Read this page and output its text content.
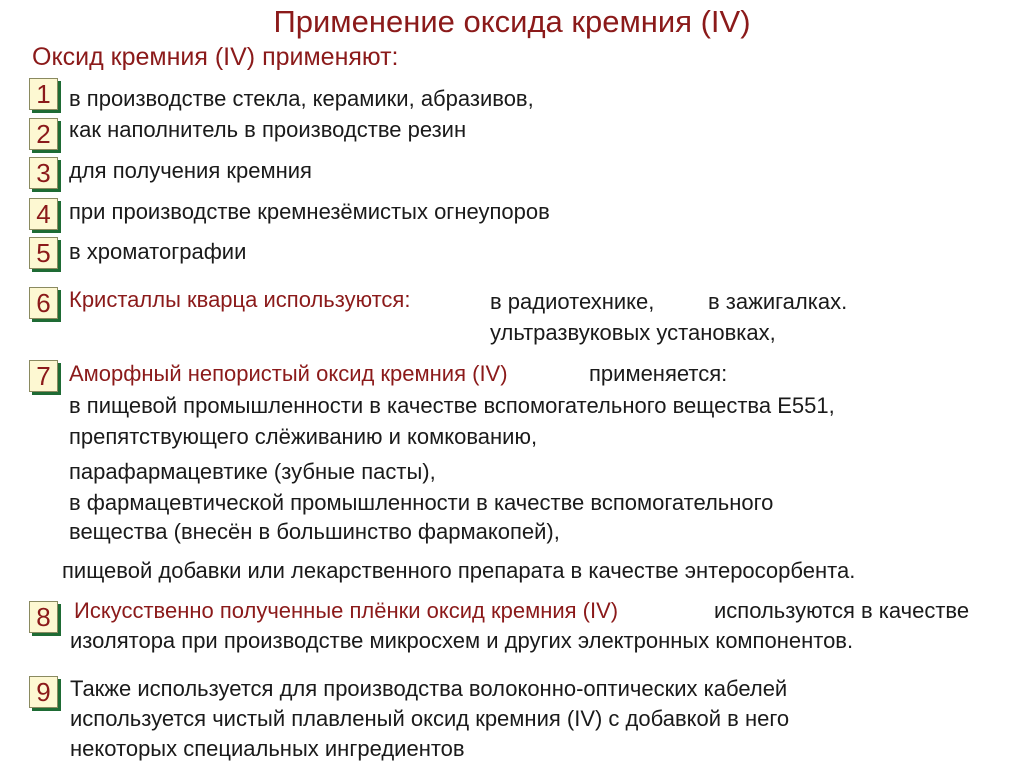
Применение оксида кремния (IV)
Оксид кремния (IV) применяют:
1 в производстве стекла, керамики, абразивов,
2 как наполнитель в производстве резин
3 для получения кремния
4 при производстве кремнезёмистых огнеупоров
5 в хроматографии
6 Кристаллы кварца используются:	в радиотехнике, в зажигалках.
ультразвуковых установках,
7 Аморфный непористый оксид кремния (IV)	применяется:
в пищевой промышленности в качестве вспомогательного вещества E551,
препятствующего слёживанию и комкованию,
парафармацевтике (зубные пасты),
в фармацевтической промышленности в качестве вспомогательного
вещества (внесён в большинство фармакопей),
пищевой добавки или лекарственного препарата в качестве энтеросорбента.
8	Искусственно полученные плёнки оксид кремния (IV)	используются в качестве
изолятора при производстве микросхем и других электронных компонентов.
9 Также используется для производства волоконно-оптических кабелей
используется чистый плавленый оксид кремния (IV) с добавкой в него
некоторых специальных ингредиентов
